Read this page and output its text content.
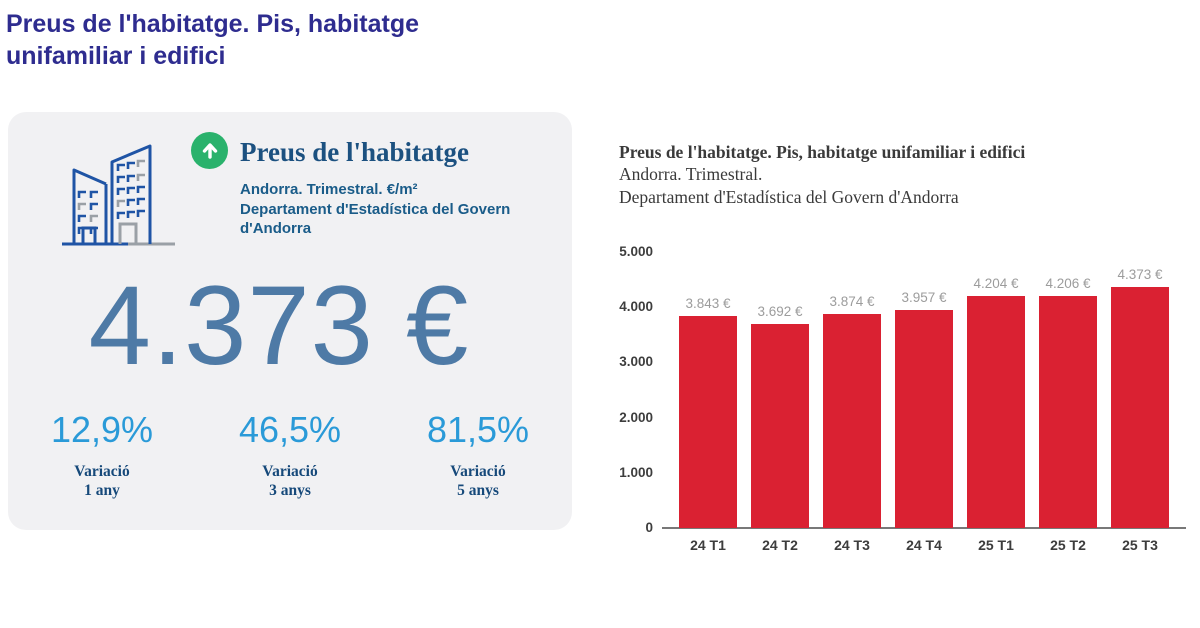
Preus de l'habitatge. Pis, habitatge unifamiliar i edifici
Preus de l'habitatge

Andorra. Trimestral. €/m²
Departament d'Estadística del Govern d'Andorra

4.373 €
12,9%
Variació
1 any
46,5%
Variació
3 anys
81,5%
Variació
5 anys
Preus de l'habitatge. Pis, habitatge unifamiliar i edifici
Andorra. Trimestral.
Departament d'Estadística del Govern d'Andorra
5.000
4.000
3.000
2.000
1.000
0
3.843 €
24 T1
3.692 €
24 T2
3.874 €
24 T3
3.957 €
24 T4
4.204 €
25 T1
4.206 €
25 T2
4.373 €
25 T3
